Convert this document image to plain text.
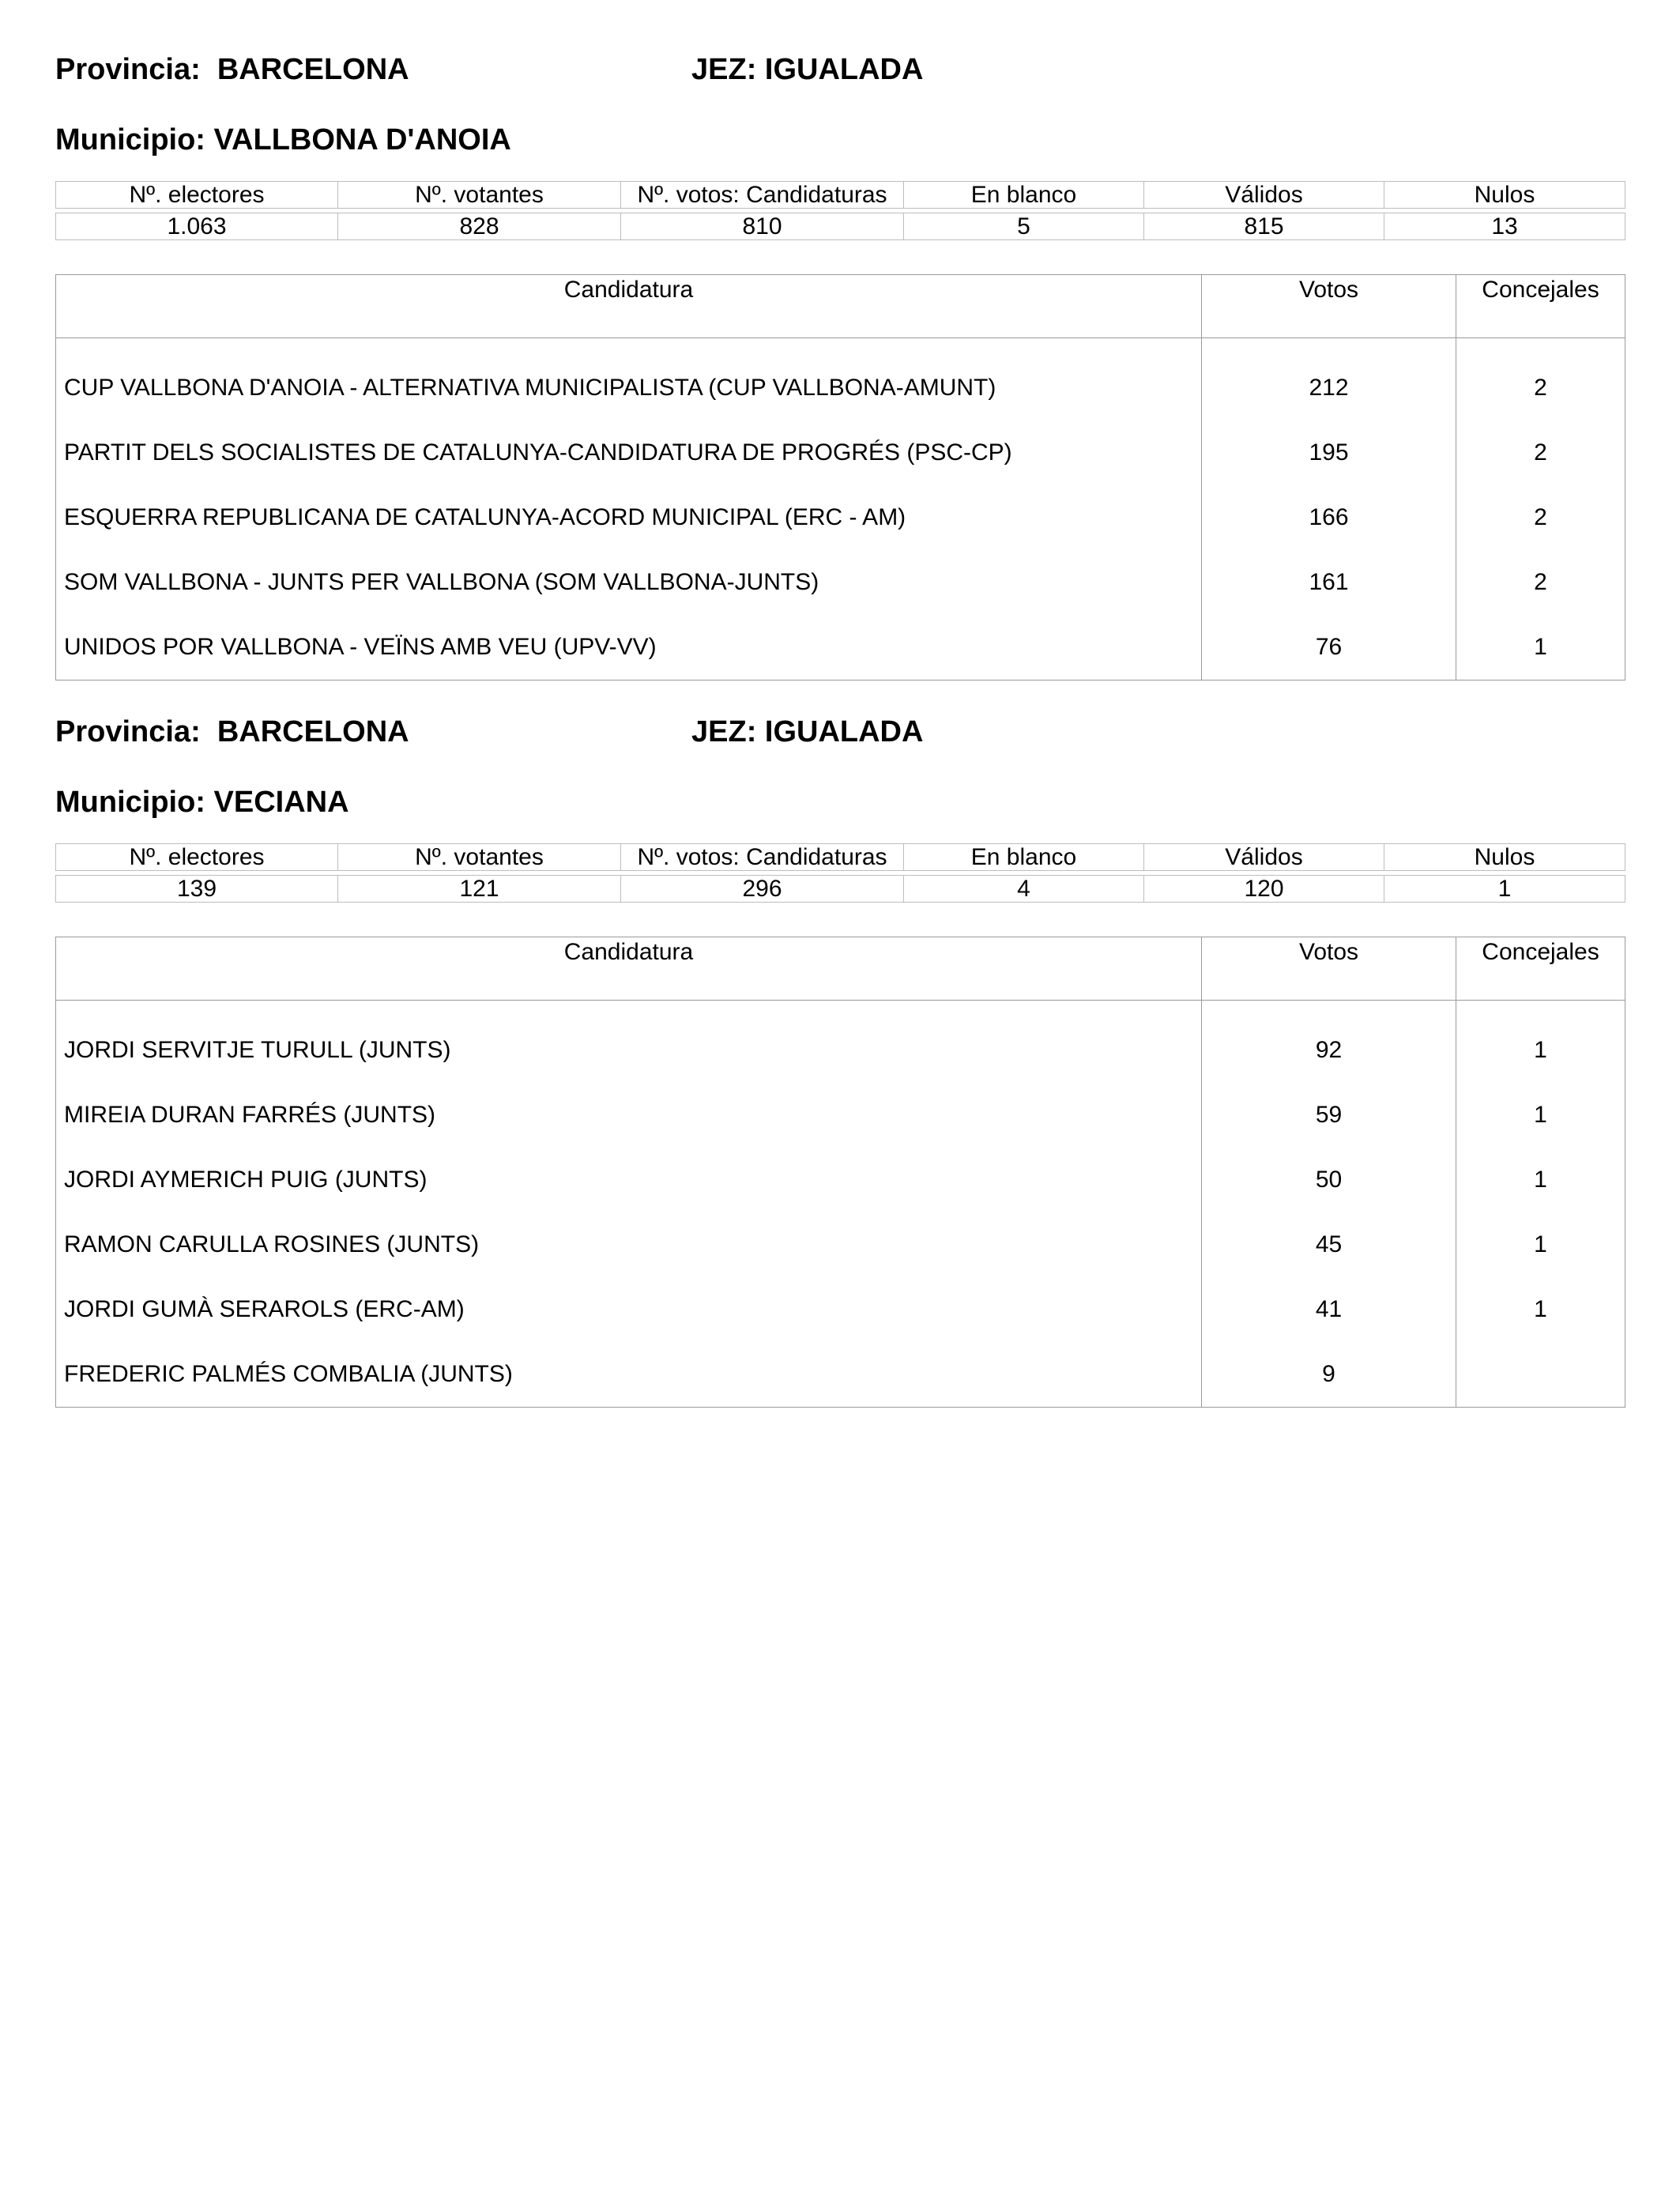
Provincia:  BARCELONA	JEZ: IGUALADA
Municipio: VALLBONA D'ANOIA
Nº. electores	Nº. votantes	Nº. votos: Candidaturas	En blanco	Válidos	Nulos

1.063	828	810	5	815	13
Candidatura	Votos	Concejales

CUP VALLBONA D'ANOIA - ALTERNATIVA MUNICIPALISTA (CUP VALLBONA-AMUNT)	212	2
PARTIT DELS SOCIALISTES DE CATALUNYA-CANDIDATURA DE PROGRÉS (PSC-CP)	195	2
ESQUERRA REPUBLICANA DE CATALUNYA-ACORD MUNICIPAL (ERC - AM)	166	2
SOM VALLBONA - JUNTS PER VALLBONA (SOM VALLBONA-JUNTS)	161	2
UNIDOS POR VALLBONA - VEÏNS AMB VEU (UPV-VV)	76	1
Provincia:  BARCELONA	JEZ: IGUALADA
Municipio: VECIANA
Nº. electores	Nº. votantes	Nº. votos: Candidaturas	En blanco	Válidos	Nulos

139	121	296	4	120	1
Candidatura	Votos	Concejales

JORDI SERVITJE TURULL (JUNTS)	92	1
MIREIA DURAN FARRÉS (JUNTS)	59	1
JORDI AYMERICH PUIG (JUNTS)	50	1
RAMON CARULLA ROSINES (JUNTS)	45	1
JORDI GUMÀ SERAROLS (ERC-AM)	41	1
FREDERIC PALMÉS COMBALIA (JUNTS)	9	
